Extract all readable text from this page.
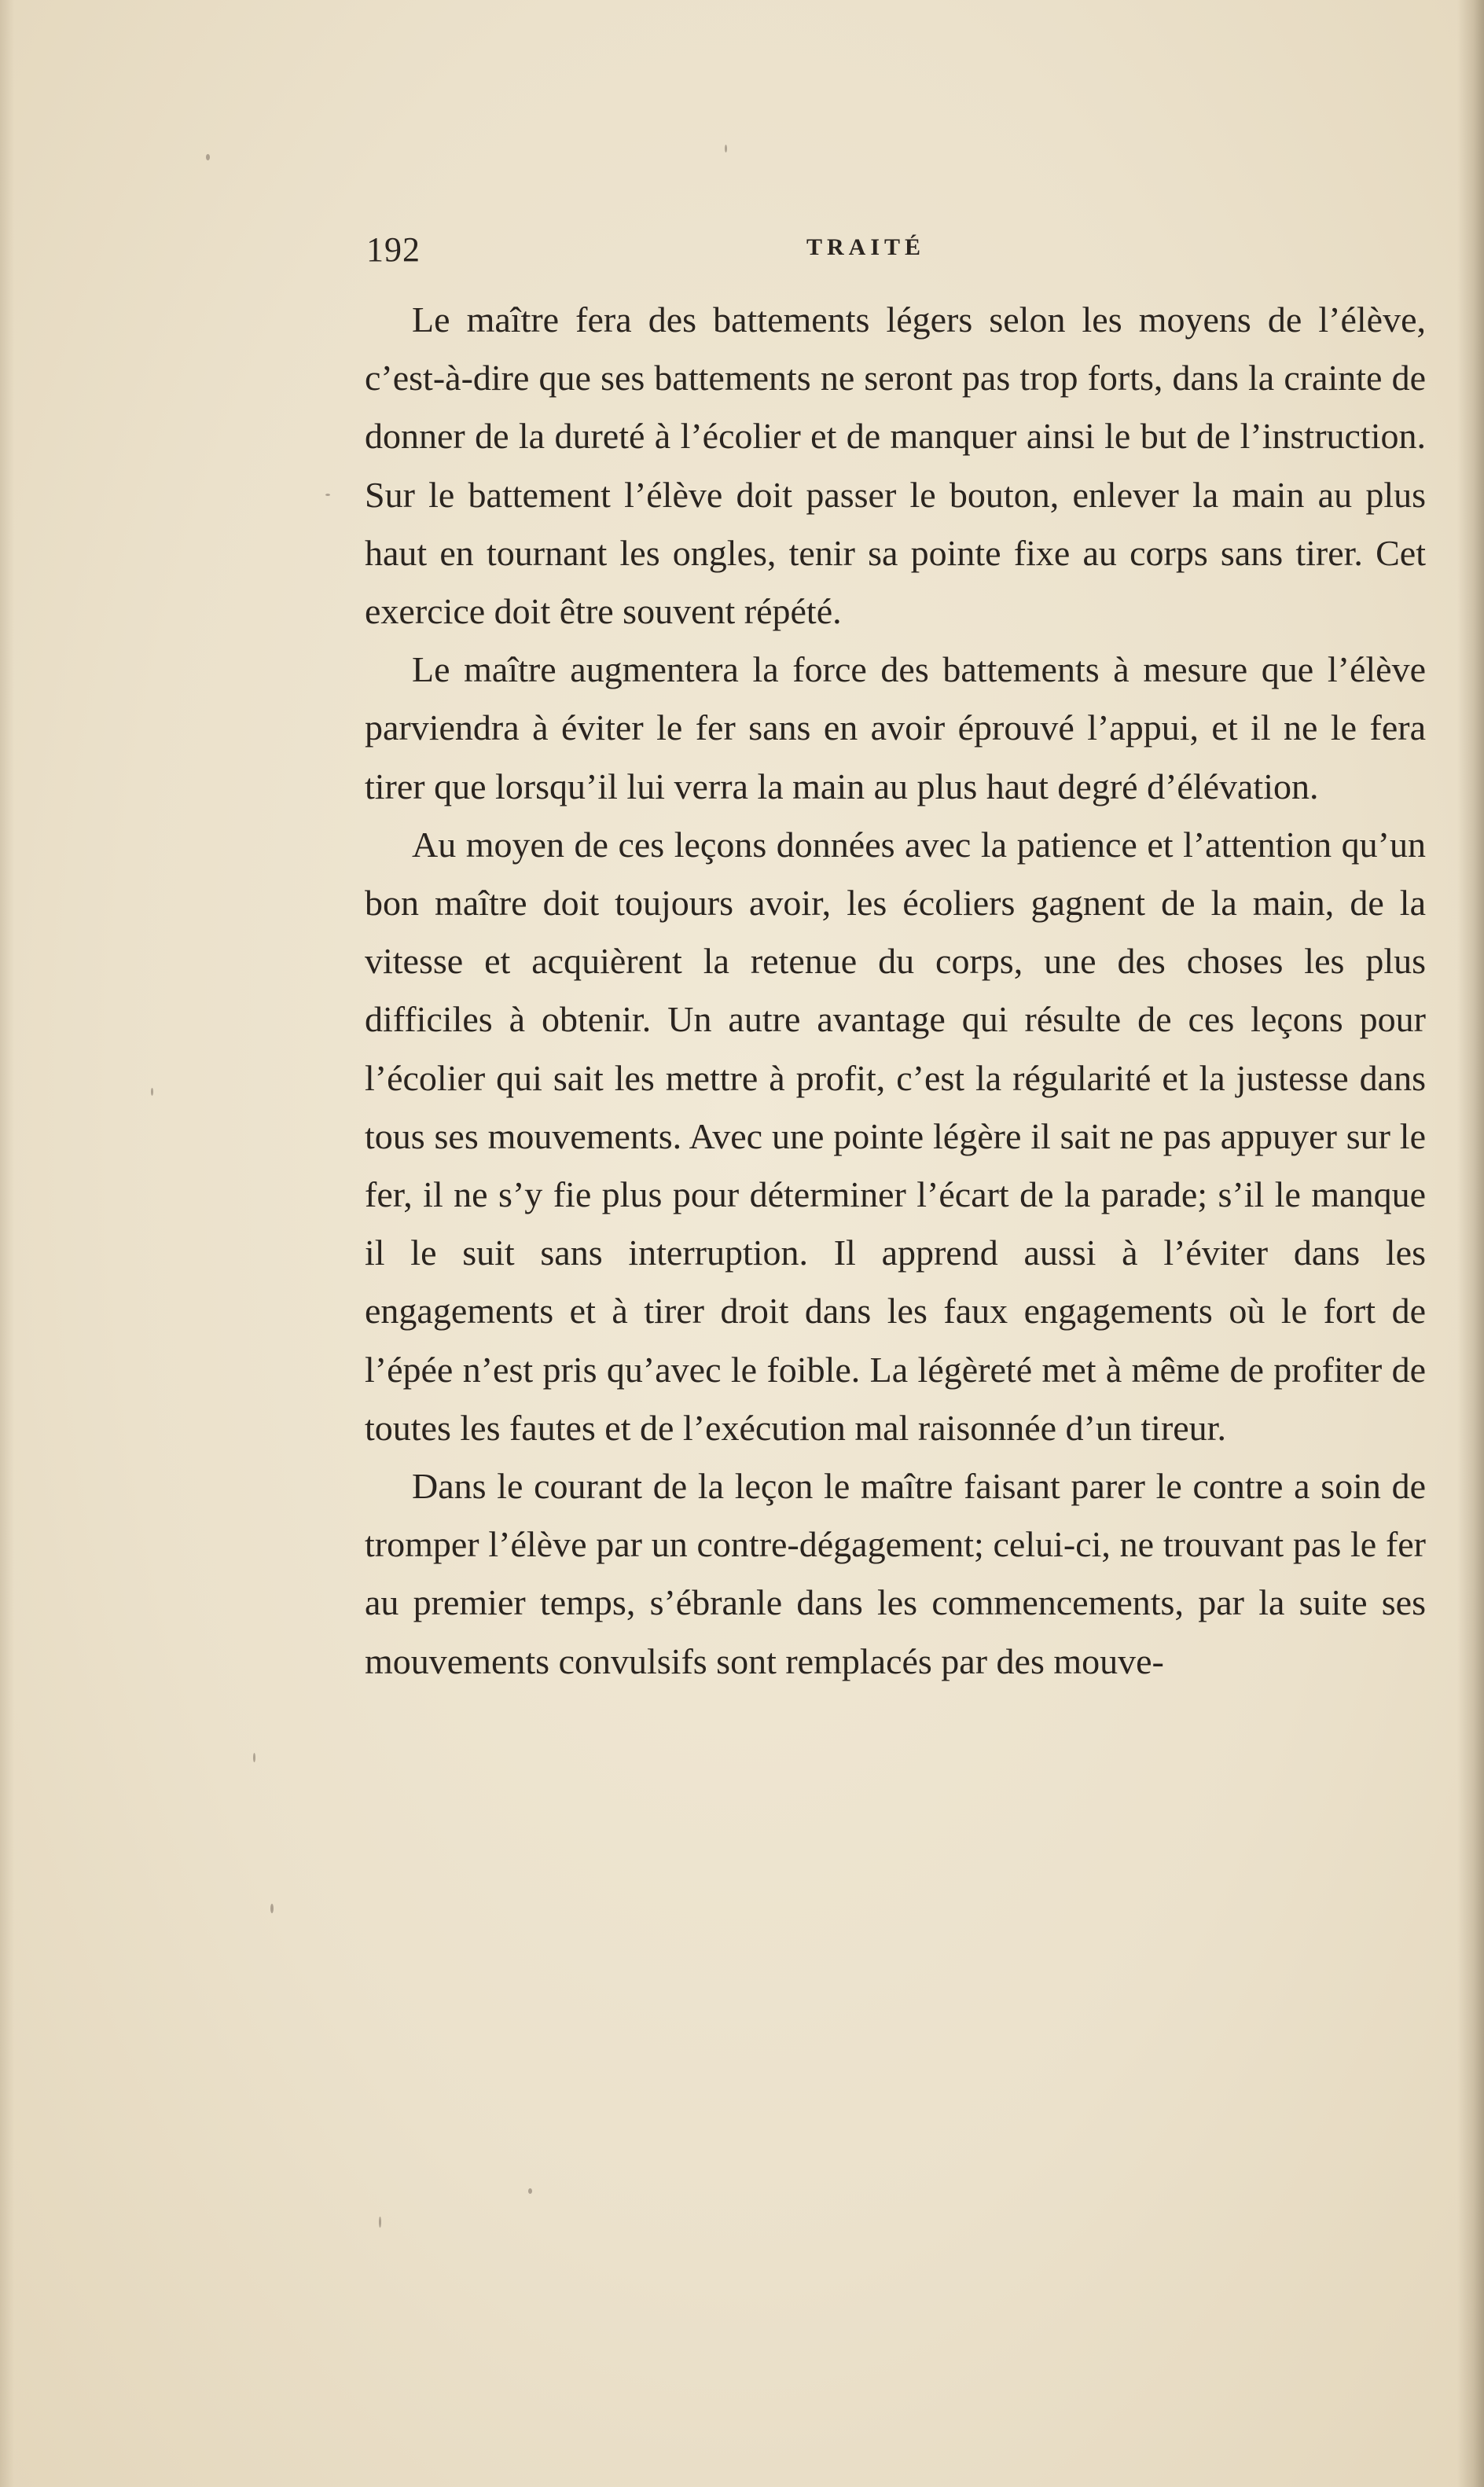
192	TRAITÉ

Le maître fera des battements légers selon les moyens de l’élève, c’est-à-dire que ses battements ne seront pas trop forts, dans la crainte de donner de la dureté à l’écolier et de manquer ainsi le but de l’instruction. Sur le battement l’élève doit passer le bouton, enlever la main au plus haut en tournant les ongles, tenir sa pointe fixe au corps sans tirer. Cet exercice doit être souvent répété.

Le maître augmentera la force des battements à mesure que l’élève parviendra à éviter le fer sans en avoir éprouvé l’appui, et il ne le fera tirer que lorsqu’il lui verra la main au plus haut degré d’élévation.

Au moyen de ces leçons données avec la patience et l’attention qu’un bon maître doit toujours avoir, les écoliers gagnent de la main, de la vitesse et acquièrent la retenue du corps, une des choses les plus difficiles à obtenir. Un autre avantage qui résulte de ces leçons pour l’écolier qui sait les mettre à profit, c’est la régularité et la justesse dans tous ses mouvements. Avec une pointe légère il sait ne pas appuyer sur le fer, il ne s’y fie plus pour déterminer l’écart de la parade; s’il le manque il le suit sans interruption. Il apprend aussi à l’éviter dans les engagements et à tirer droit dans les faux engagements où le fort de l’épée n’est pris qu’avec le foible. La légèreté met à même de profiter de toutes les fautes et de l’exécution mal raisonnée d’un tireur.

Dans le courant de la leçon le maître faisant parer le contre a soin de tromper l’élève par un contre-dégagement; celui-ci, ne trouvant pas le fer au premier temps, s’ébranle dans les commencements, par la suite ses mouvements convulsifs sont remplacés par des mouve-
